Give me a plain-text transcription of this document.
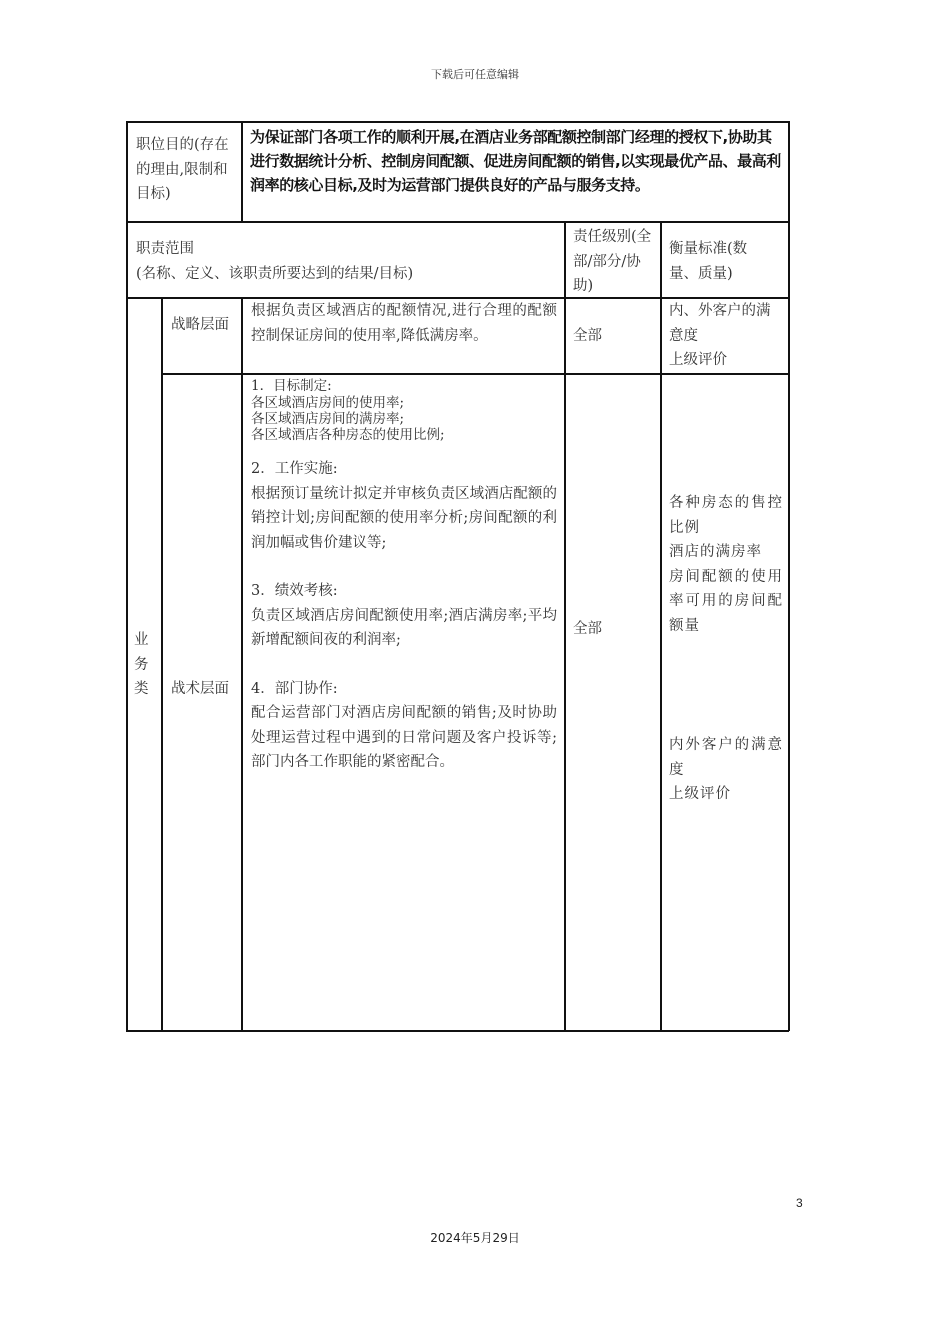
下载后可任意编辑
职位目的(存在的理由,限制和目标)
为保证部门各项工作的顺利开展,在酒店业务部配额控制部门经理的授权下,协助其进行数据统计分析、控制房间配额、促进房间配额的销售,以实现最优产品、最高利润率的核心目标,及时为运营部门提供良好的产品与服务支持。
职责范围
(名称、定义、该职责所要达到的结果/目标)
责任级别(全部/部分/协助)
衡量标准(数量、质量)
业务类
战略层面
根据负责区域酒店的配额情况,进行合理的配额控制保证房间的使用率,降低满房率。	全部
内、外客户的满意度
上级评价
战术层面
1．目标制定:
各区域酒店房间的使用率;
各区域酒店房间的满房率;
各区域酒店各种房态的使用比例;
2．工作实施:
根据预订量统计拟定并审核负责区域酒店配额的销控计划;房间配额的使用率分析;房间配额的利润加幅或售价建议等;
3．绩效考核:
负责区域酒店房间配额使用率;酒店满房率;平均新增配额间夜的利润率;
4．部门协作:
配合运营部门对酒店房间配额的销售;及时协助处理运营过程中遇到的日常问题及客户投诉等;部门内各工作职能的紧密配合。
全部
各种房态的售控比例
酒店的满房率
房间配额的使用率可用的房间配额量
内外客户的满意度
上级评价
3
2024年5月29日
